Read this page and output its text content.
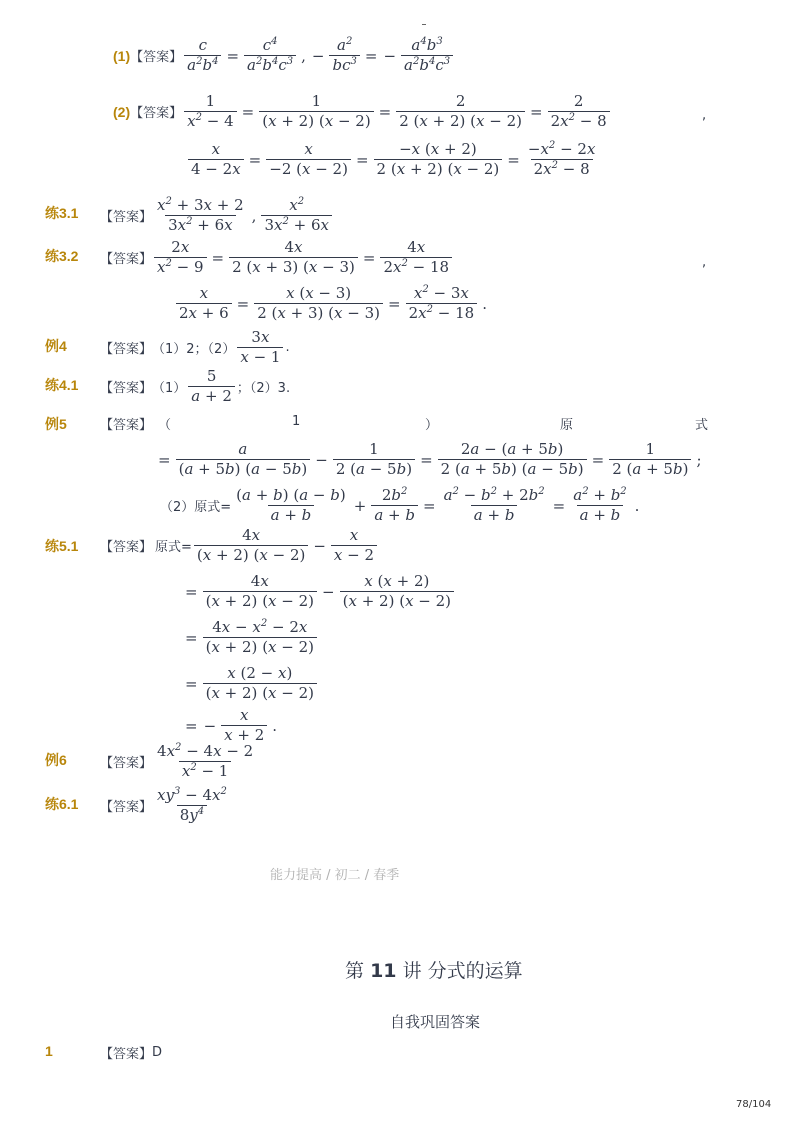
(1) 【答案】 $\frac{c}{a^2b^4} = \frac{c^4}{a^2b^4c^3}$ , − $\frac{a^2}{bc^3}$ = − $\frac{a^4b^3}{a^2b^4c^3}$
(2) 【答案】 $\frac{1}{x^2 - 4} = \frac{1}{(x + 2) (x - 2)} = \frac{2}{2 (x + 2) (x - 2)} = \frac{2}{2x^2 - 8}$	,
$\frac{x}{4 - 2x} = \frac{x}{-2 (x - 2)} = \frac{-x (x + 2)}{2 (x + 2) (x - 2)} = \frac{-x^2 - 2x}{2x^2 - 8}$
练3.1 【答案】 $\frac{x^2 + 3x + 2}{3x^2 + 6x}$ , $\frac{x^2}{3x^2 + 6x}$
练3.2 【答案】 $\frac{2x}{x^2 - 9} = \frac{4x}{2 (x + 3) (x - 3)} = \frac{4x}{2x^2 - 18}$	,
$\frac{x}{2x + 6} = \frac{x (x - 3)}{2 (x + 3) (x - 3)} = \frac{x^2 - 3x}{2x^2 - 18}$ .
例4	【答案】 （1）2；$(2) \frac{3x}{x - 1}$ .
练4.1 【答案】 $(1) \frac{5}{a + 2}$ ；（2）3.
例5	【答案】 （	1	）	原	式
= $\frac{a}{(a + 5b) (a - 5b)} - \frac{1}{2 (a - 5b)} = \frac{2a - (a + 5b)}{2 (a + 5b) (a - 5b)} = \frac{1}{2 (a + 5b)}$ ;
（2）原式= $\frac{(a + b) (a - b)}{a + b} + \frac{2b^2}{a + b} = \frac{a^2 - b^2 + 2b^2}{a + b} = \frac{a^2 + b^2}{a + b}$ .
练5.1 【答案】 原式= $\frac{4x}{(x + 2) (x - 2)} - \frac{x}{x - 2}$
= $\frac{4x}{(x + 2) (x - 2)} - \frac{x (x + 2)}{(x + 2) (x - 2)}$
= $\frac{4x - x^2 - 2x}{(x + 2) (x - 2)}$
= $\frac{x (2 - x)}{(x + 2) (x - 2)}$
= − $\frac{x}{x + 2}$ .
例6	【答案】 $\frac{4x^2 - 4x - 2}{x^2 - 1}$
练6.1 【答案】 $\frac{xy^3 - 4x^2}{8y^4}$
能力提高 / 初二 / 春季
第 11 讲 分式的运算
自我巩固答案
1	【答案】 D
78/104
